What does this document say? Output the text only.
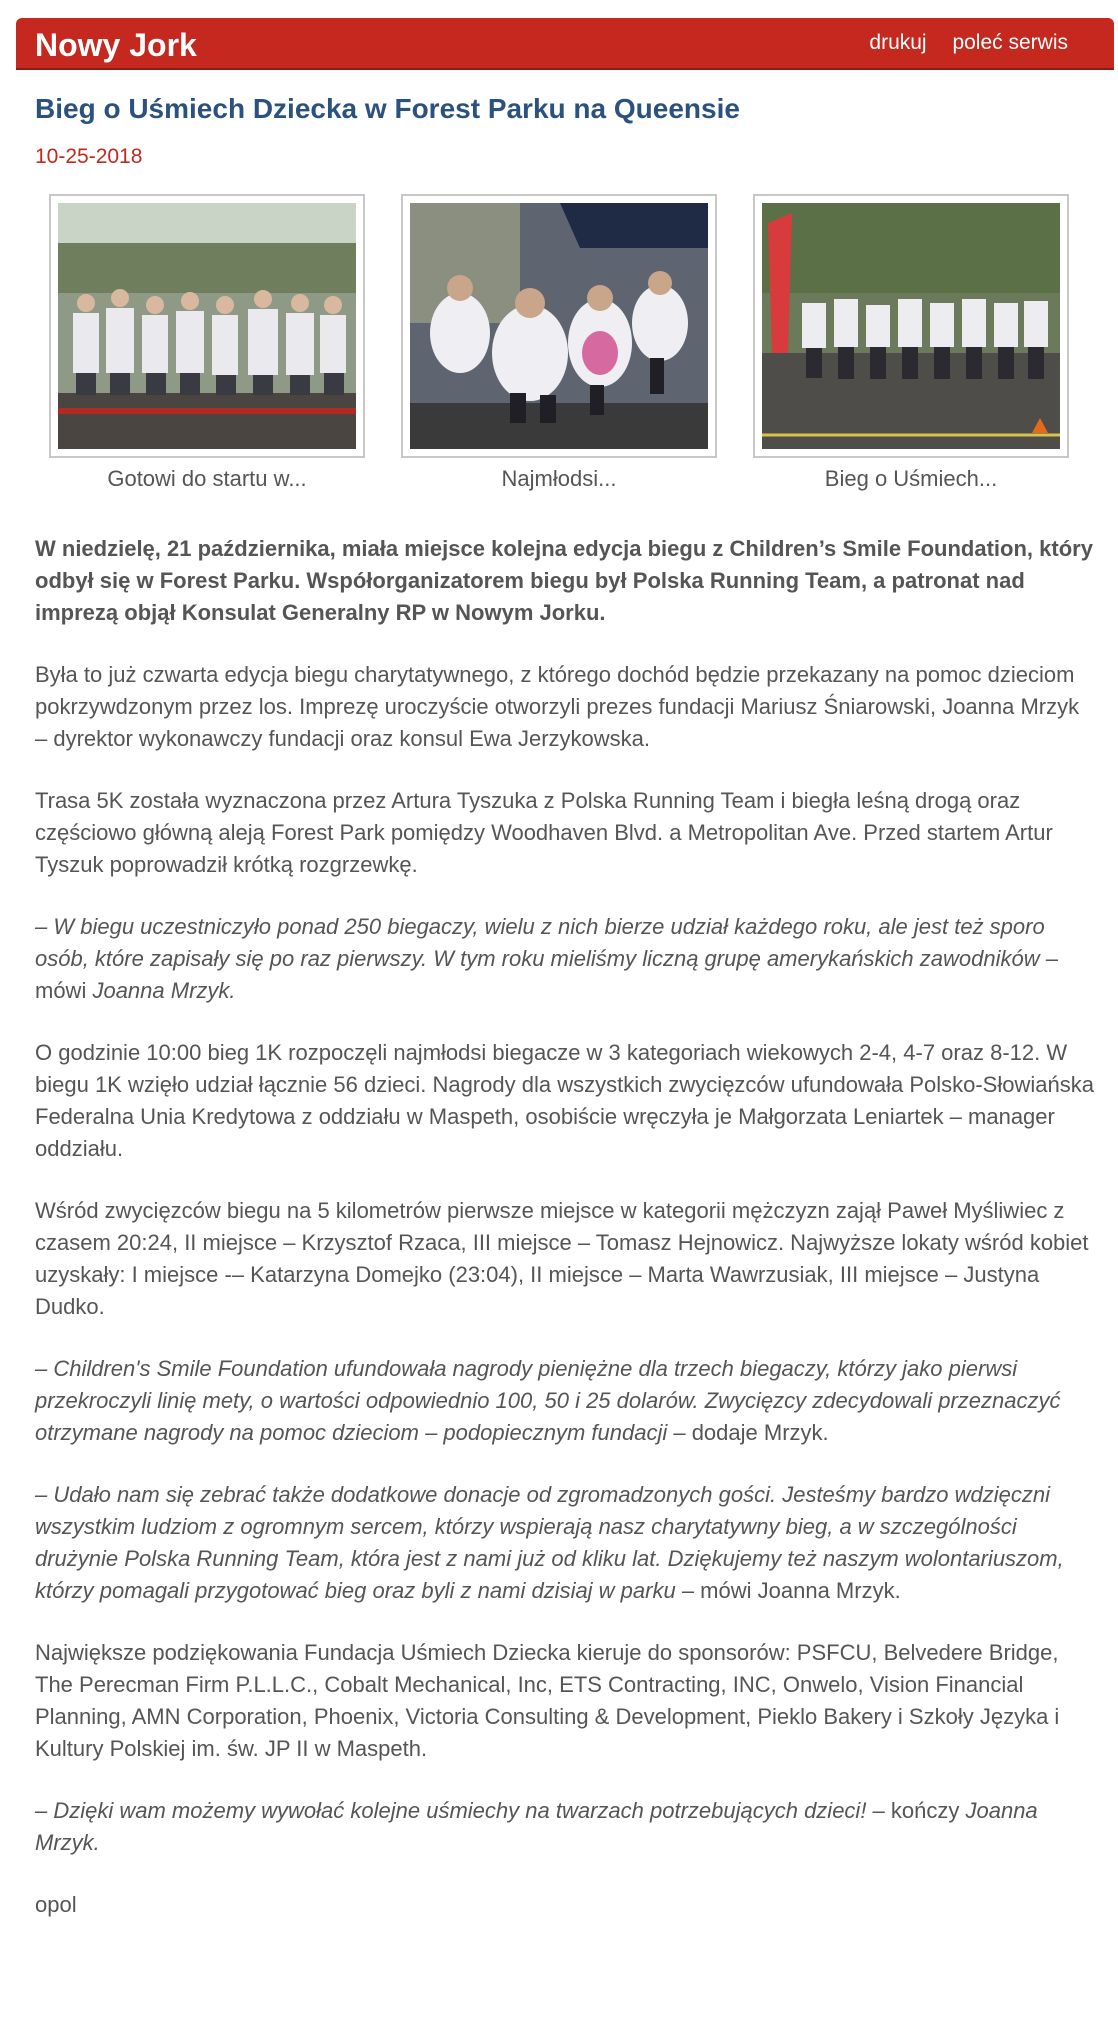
Nowy Jork	drukuj poleć serwis
Bieg o Uśmiech Dziecka w Forest Parku na Queensie
10-25-2018
Gotowi do startu w...	Najmłodsi...	Bieg o Uśmiech...

W niedzielę, 21 października, miała miejsce kolejna edycja biegu z Children’s Smile Foundation, który odbył się w Forest Parku. Współorganizatorem biegu był Polska Running Team, a patronat nad imprezą objął Konsulat Generalny RP w Nowym Jorku.

Była to już czwarta edycja biegu charytatywnego, z którego dochód będzie przekazany na pomoc dzieciom pokrzywdzonym przez los. Imprezę uroczyście otworzyli prezes fundacji Mariusz Śniarowski, Joanna Mrzyk – dyrektor wykonawczy fundacji oraz konsul Ewa Jerzykowska.

Trasa 5K została wyznaczona przez Artura Tyszuka z Polska Running Team i biegła leśną drogą oraz częściowo główną aleją Forest Park pomiędzy Woodhaven Blvd. a Metropolitan Ave. Przed startem Artur Tyszuk poprowadził krótką rozgrzewkę.

– W biegu uczestniczyło ponad 250 biegaczy, wielu z nich bierze udział każdego roku, ale jest też sporo osób, które zapisały się po raz pierwszy. W tym roku mieliśmy liczną grupę amerykańskich zawodników – mówi Joanna Mrzyk.

O godzinie 10:00 bieg 1K rozpoczęli najmłodsi biegacze w 3 kategoriach wiekowych 2-4, 4-7 oraz 8-12. W biegu 1K wzięło udział łącznie 56 dzieci. Nagrody dla wszystkich zwycięzców ufundowała Polsko-Słowiańska Federalna Unia Kredytowa z oddziału w Maspeth, osobiście wręczyła je Małgorzata Leniartek – manager oddziału.

Wśród zwycięzców biegu na 5 kilometrów pierwsze miejsce w kategorii mężczyzn zajął Paweł Myśliwiec z czasem 20:24, II miejsce – Krzysztof Rzaca, III miejsce – Tomasz Hejnowicz. Najwyższe lokaty wśród kobiet uzyskały: I miejsce -– Katarzyna Domejko (23:04), II miejsce – Marta Wawrzusiak, III miejsce – Justyna Dudko.

– Children's Smile Foundation ufundowała nagrody pieniężne dla trzech biegaczy, którzy jako pierwsi przekroczyli linię mety, o wartości odpowiednio 100, 50 i 25 dolarów. Zwycięzcy zdecydowali przeznaczyć otrzymane nagrody na pomoc dzieciom – podopiecznym fundacji – dodaje Mrzyk.

– Udało nam się zebrać także dodatkowe donacje od zgromadzonych gości. Jesteśmy bardzo wdzięczni wszystkim ludziom z ogromnym sercem, którzy wspierają nasz charytatywny bieg, a w szczególności drużynie Polska Running Team, która jest z nami już od kliku lat. Dziękujemy też naszym wolontariuszom, którzy pomagali przygotować bieg oraz byli z nami dzisiaj w parku – mówi Joanna Mrzyk.

Największe podziękowania Fundacja Uśmiech Dziecka kieruje do sponsorów: PSFCU, Belvedere Bridge, The Perecman Firm P.L.L.C., Cobalt Mechanical, Inc, ETS Contracting, INC, Onwelo, Vision Financial Planning, AMN Corporation, Phoenix, Victoria Consulting & Development, Pieklo Bakery i Szkoły Języka i Kultury Polskiej im. św. JP II w Maspeth.

– Dzięki wam możemy wywołać kolejne uśmiechy na twarzach potrzebujących dzieci! – kończy Joanna Mrzyk.

opol
